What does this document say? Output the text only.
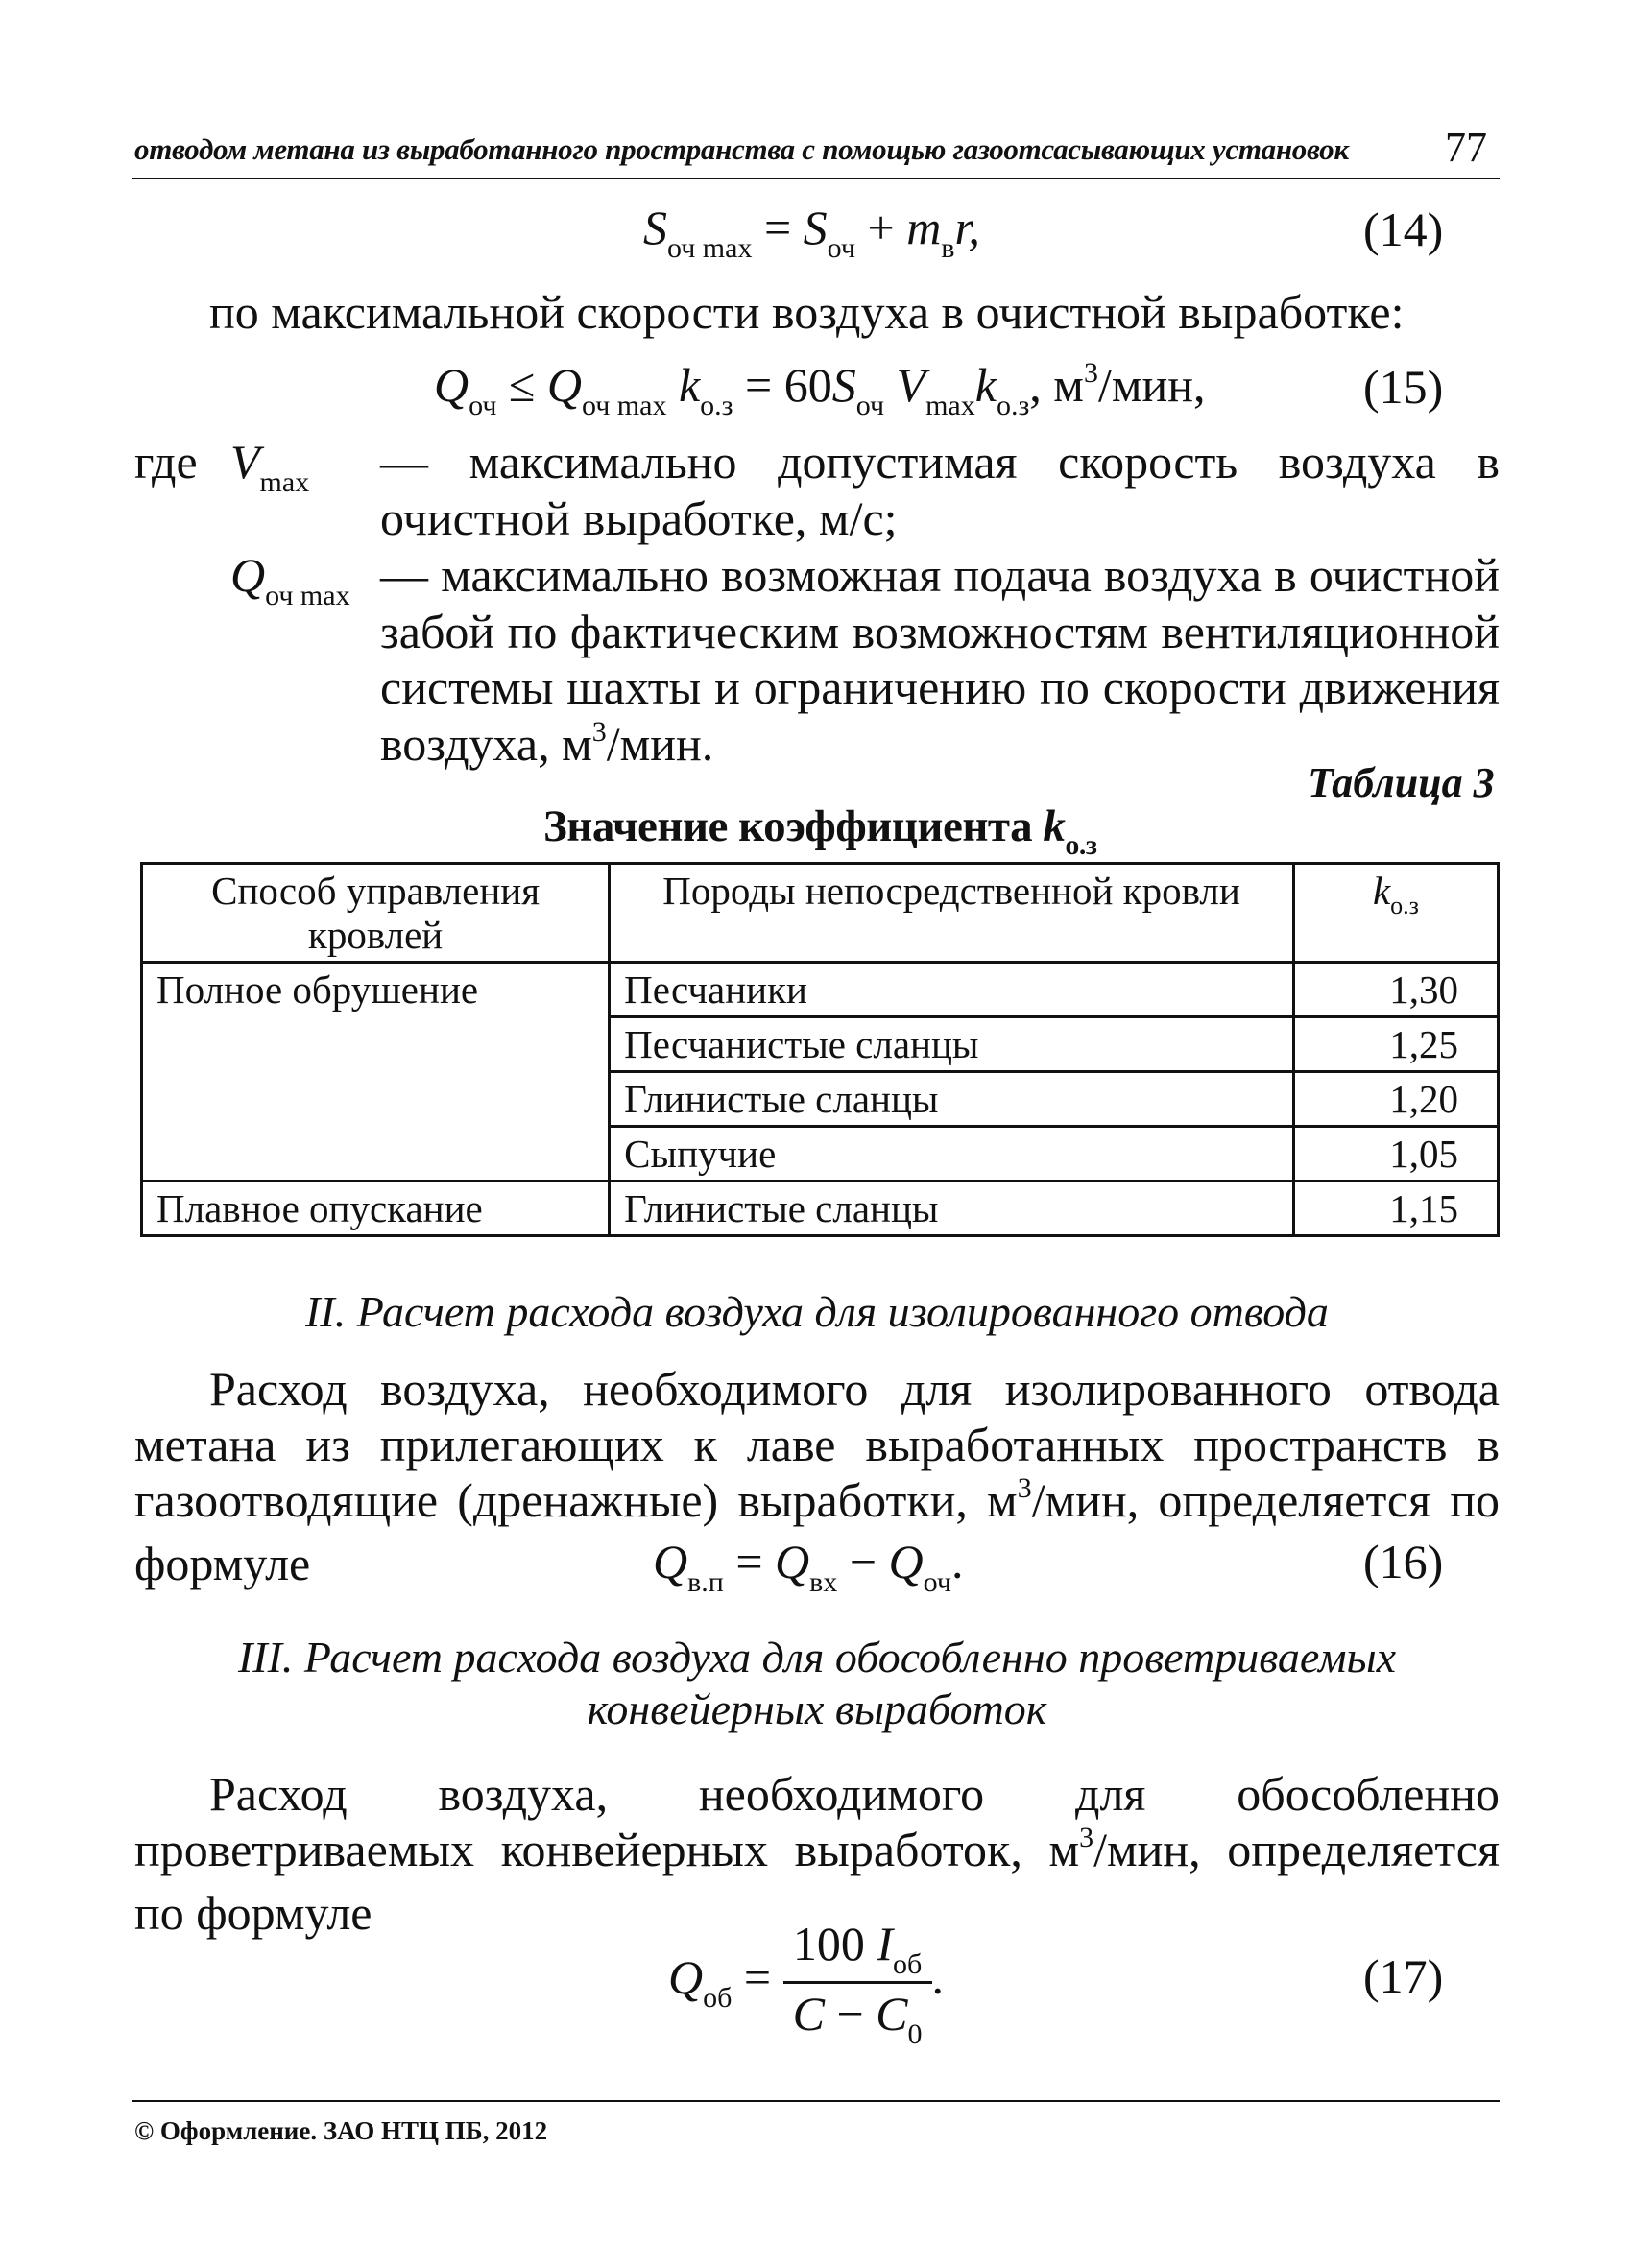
отводом метана из выработанного пространства с помощью газоотсасывающих установок	77
$S_{оч max} = S_{оч} + m_вr$,	(14)
по максимальной скорости воздуха в очистной выработке:
$Q_{оч} \le Q_{оч max}$ $k_{о.з} = 60S_{оч}$ $V_{max}k_{о.з}$, $м^3$/мин,	(15)
где $V_{max}$ — максимально допустимая скорость воздуха в очистной выработке, м/с;
$Q_{оч max}$ — максимально возможная подача воздуха в очистной забой по фактическим возможностям вентиляционной системы шахты и ограничению по скорости движения воздуха, $м^3$/мин.
Таблица 3
Значение коэффициента $k_{о.з}$
Способ управления кровлей	Породы непосредственной кровли	$k_{о.з}$
Полное обрушение	Песчаники	1,30
	Песчанистые сланцы	1,25
	Глинистые сланцы	1,20
	Сыпучие	1,05
Плавное опускание	Глинистые сланцы	1,15
II. Расчет расхода воздуха для изолированного отвода
Расход воздуха, необходимого для изолированного отвода метана из прилегающих к лаве выработанных пространств в газоотводящие (дренажные) выработки, $м^3$/мин, определяется по формуле	$Q_{в.п} = Q_{вх} - Q_{оч}$.	(16)
III. Расчет расхода воздуха для обособленно проветриваемых конвейерных выработок
Расход воздуха, необходимого для обособленно проветриваемых конвейерных выработок, $м^3$/мин, определяется по формуле
$Q_{об} = \frac{100 I_{об}}{C - C_0}$ .	(17)
© Оформление. ЗАО НТЦ ПБ, 2012
